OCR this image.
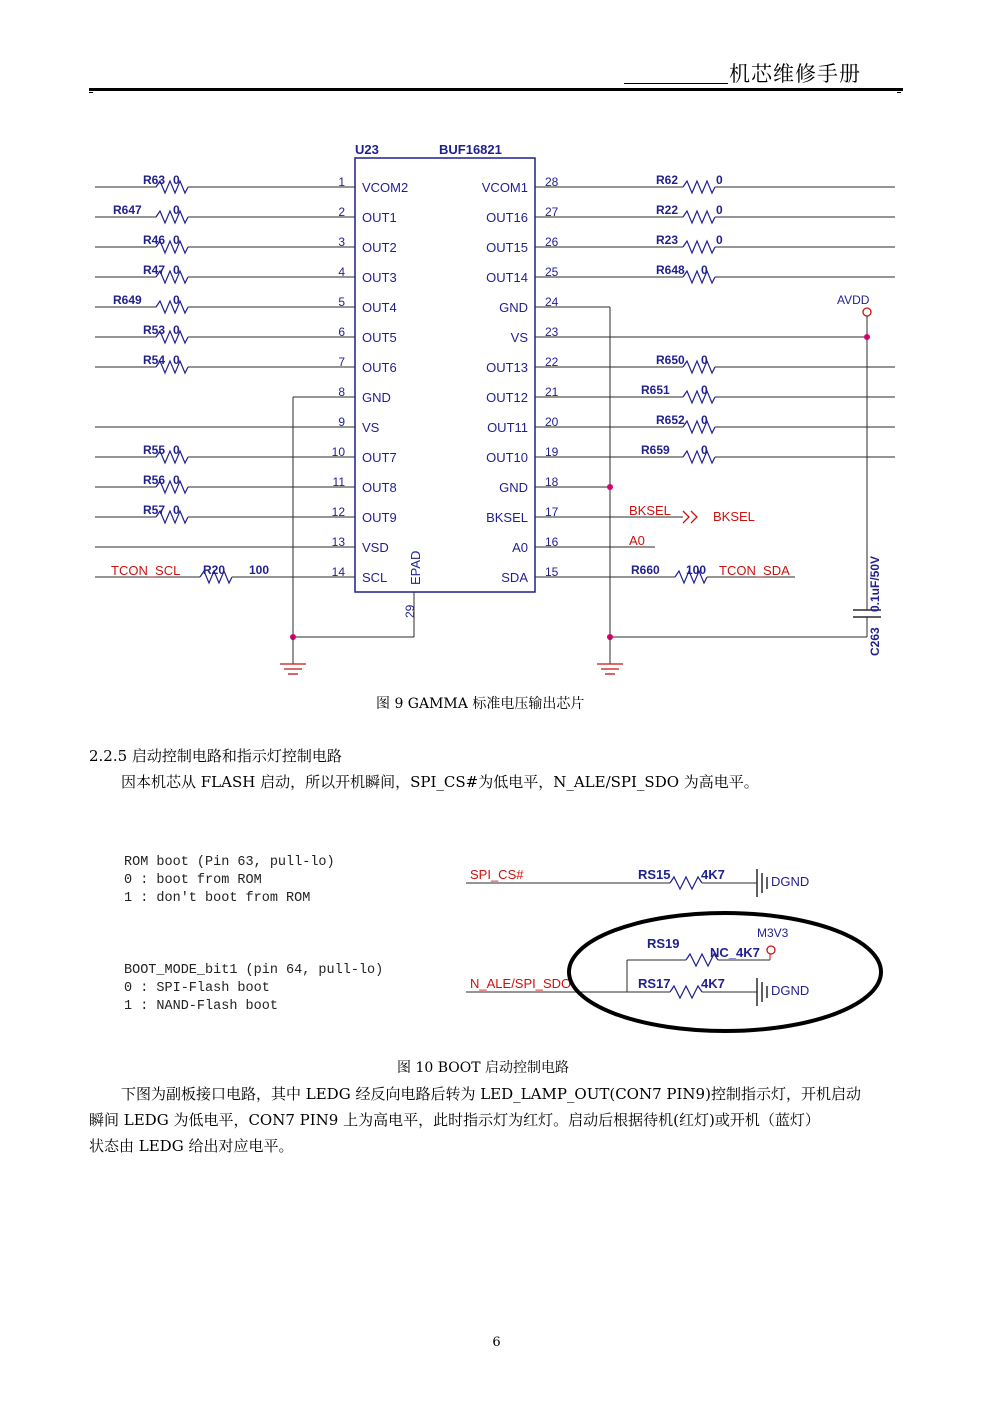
机芯维修手册
U23	BUF16821
EPAD
29
VCOM2
1
R63 0
OUT1
2
R647	0
OUT2
3
R46 0
OUT3
4
R47 0
OUT4
5
R649	0
OUT5
6
R53 0
OUT6
7
R54 0
GND
8
VS
9
OUT7
10
R55 0
OUT8
11
R56 0
OUT9
12
R57 0
VSD
13
SCL
14
R20 100
VCOM1 28	R62	0
OUT16 27	R22	0
OUT15 26	R23	0
OUT14 25	R648 0
GND 24
VS 23
OUT13 22	R650 0
OUT12 21	R651	0
OUT11 20	R652 0
OUT10 19	R659	0
GND 18
BKSEL 17
A0 16
SDA 15	R660 100
TCON_SCL	TCON_SDA
BKSEL	BKSEL
A0
AVDD
C263
0.1uF/50V
ROM boot (Pin 63, pull-lo)
0 : boot from ROM
1 : don't boot from ROM
BOOT_MODE_bit1 (pin 64, pull-lo)
0 : SPI-Flash boot
1 : NAND-Flash boot
SPI_CS#	RS15 4K7	DGND
N_ALE/SPI_SDO	RS17 4K7	DGND
RS19
NC_4K7
M3V3
图 9 GAMMA 标准电压输出芯片
2.2.5 启动控制电路和指示灯控制电路
因本机芯从 FLASH 启动，所以开机瞬间，SPI_CS#为低电平，N_ALE/SPI_SDO 为高电平。
图 10 BOOT 启动控制电路
下图为副板接口电路，其中 LEDG 经反向电路后转为 LED_LAMP_OUT(CON7 PIN9)控制指示灯，开机启动
瞬间 LEDG 为低电平，CON7 PIN9 上为高电平，此时指示灯为红灯。启动后根据待机(红灯)或开机（蓝灯）
状态由 LEDG 给出对应电平。
6
